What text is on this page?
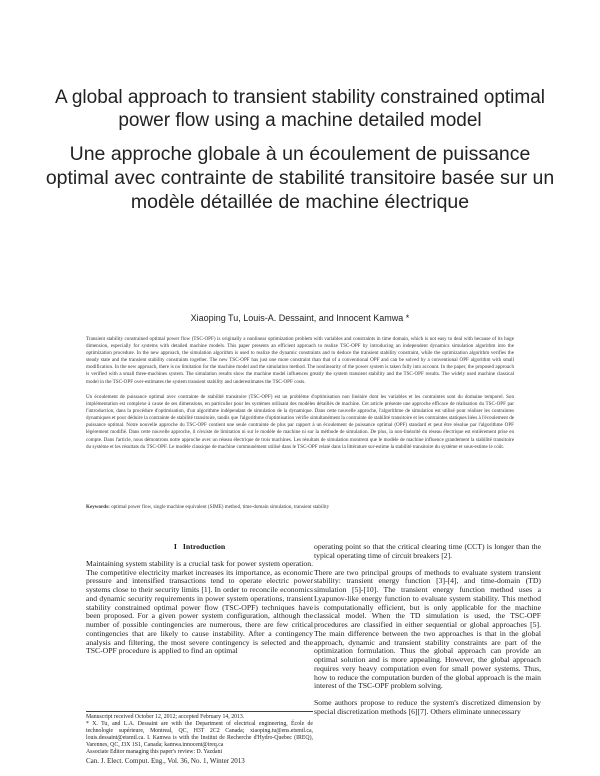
A global approach to transient stability constrained optimal power flow using a machine detailed model
Une approche globale à un écoulement de puissance optimal avec contrainte de stabilité transitoire basée sur un modèle détaillée de machine électrique
Xiaoping Tu, Louis-A. Dessaint, and Innocent Kamwa *

Transient stability constrained optimal power flow (TSC-OPF) is originally a nonlinear optimization problem with variables and constraints in time domain, which is not easy to deal with because of its huge dimension, especially for systems with detailed machine models. This paper presents an efficient approach to realize TSC-OPF by introducing an independent dynamics simulation algorithm into the optimization procedure. In the new approach, the simulation algorithm is used to realize the dynamic constraints and to deduce the transient stability constraint, while the optimization algorithm verifies the steady state and the transient stability constraints together. The new TSC-OPF has just one more constraint than that of a conventional OPF and can be solved by a conventional OPF algorithm with small modification. In the new approach, there is no limitation for the machine model and the simulation method. The nonlinearity of the power system is taken fully into account. In the paper, the proposed approach is verified with a small three-machines system. The simulation results show the machine model influences greatly the system transient stability and the TSC-OPF results. The widely used machine classical model in the TSC-OPF over-estimates the system transient stability and underestimates the TSC-OPF costs.

Un écoulement de puissance optimal avec contrainte de stabilité transitoire (TSC-OPF) est un problème d'optimisation non linéaire dont les variables et les contraintes sont du domaine temporel. Son implémentation est complexe à cause de ses dimensions, en particulier pour les systèmes utilisant des modèles détaillés de machine. Cet article présente une approche efficace de réalisation du TSC-OPF par l'introduction, dans la procédure d'optimisation, d'un algorithme indépendant de simulation de la dynamique. Dans cette nouvelle approche, l'algorithme de simulation est utilisé pour réaliser les contraintes dynamiques et pour déduire la contrainte de stabilité transitoire, tandis que l'algorithme d'optimisation vérifie simultanément la contrainte de stabilité transitoire et les contraintes statiques liées à l'écoulement de puissance optimal. Notre nouvelle approche du TSC-OPF contient une seule contrainte de plus par rapport à un écoulement de puissance optimal (OPF) standard et peut être résolue par l'algorithme OPF légèrement modifié. Dans cette nouvelle approche, il n'existe de limitation ni sur le modèle de machine ni sur la méthode de simulation. De plus, la non-linéarité du réseau électrique est entièrement prise en compte. Dans l'article, nous démontrons notre approche avec un réseau électrique de trois machines. Les résultats de simulation montrent que le modèle de machine influence grandement la stabilité transitoire du système et les résultats du TSC-OPF. Le modèle classique de machine communément utilisé dans le TSC-OPF relaté dans la littérature sur-estime la stabilité transitoire du système et sous-estime le coût.

Keywords: optimal power flow, single machine equivalent (SIME) method, time-domain simulation, transient stability
I Introduction

Maintaining system stability is a crucial task for power system operation. The competitive electricity market increases its importance, as economic pressure and intensified transactions tend to operate electric power systems close to their security limits [1]. In order to reconcile economics and dynamic security requirements in power system operations, transient stability constrained optimal power flow (TSC-OPF) techniques have been proposed. For a given power system configuration, although the number of possible contingencies are numerous, there are few critical contingencies that are likely to cause instability. After a contingency analysis and filtering, the most severe contingency is selected and the TSC-OPF procedure is applied to find an optimal

operating point so that the critical clearing time (CCT) is longer than the typical operating time of circuit breakers [2].

There are two principal groups of methods to evaluate system transient stability: transient energy function [3]-[4], and time-domain (TD) simulation [5]-[10]. The transient energy function method uses a Lyapunov-like energy function to evaluate system stability. This method is computationally efficient, but is only applicable for the machine classical model. When the TD simulation is used, the TSC-OPF procedures are classified in either sequential or global approaches [5]. The main difference between the two approaches is that in the global approach, dynamic and transient stability constraints are part of the optimization formulation. Thus the global approach can provide an optimal solution and is more appealing. However, the global approach requires very heavy computation even for small power systems. Thus, how to reduce the computation burden of the global approach is the main interest of the TSC-OPF problem solving.

Some authors propose to reduce the system's discretized dimension by special discretization methods [6][7]. Others eliminate unnecessary

Manuscript received October 12, 2012; accepted February 14, 2013.

* X. Tu, and L.A. Dessaint are with the Department of electrical engineering, École de technologie supérieure, Montreal, QC, H3T 2C2 Canada; xiaoping.tu@ens.etsmtl.ca, louis.dessaint@etsmtl.ca. I. Kamwa is with the Institut de Recherche d'Hydro-Quebec (IREQ), Varennes, QC, J3X 1S1, Canada; kamwa.innocent@ireq.ca

Associate Editor managing this paper's review: D. Yazdani

Can. J. Elect. Comput. Eng., Vol. 36, No. 1, Winter 2013
